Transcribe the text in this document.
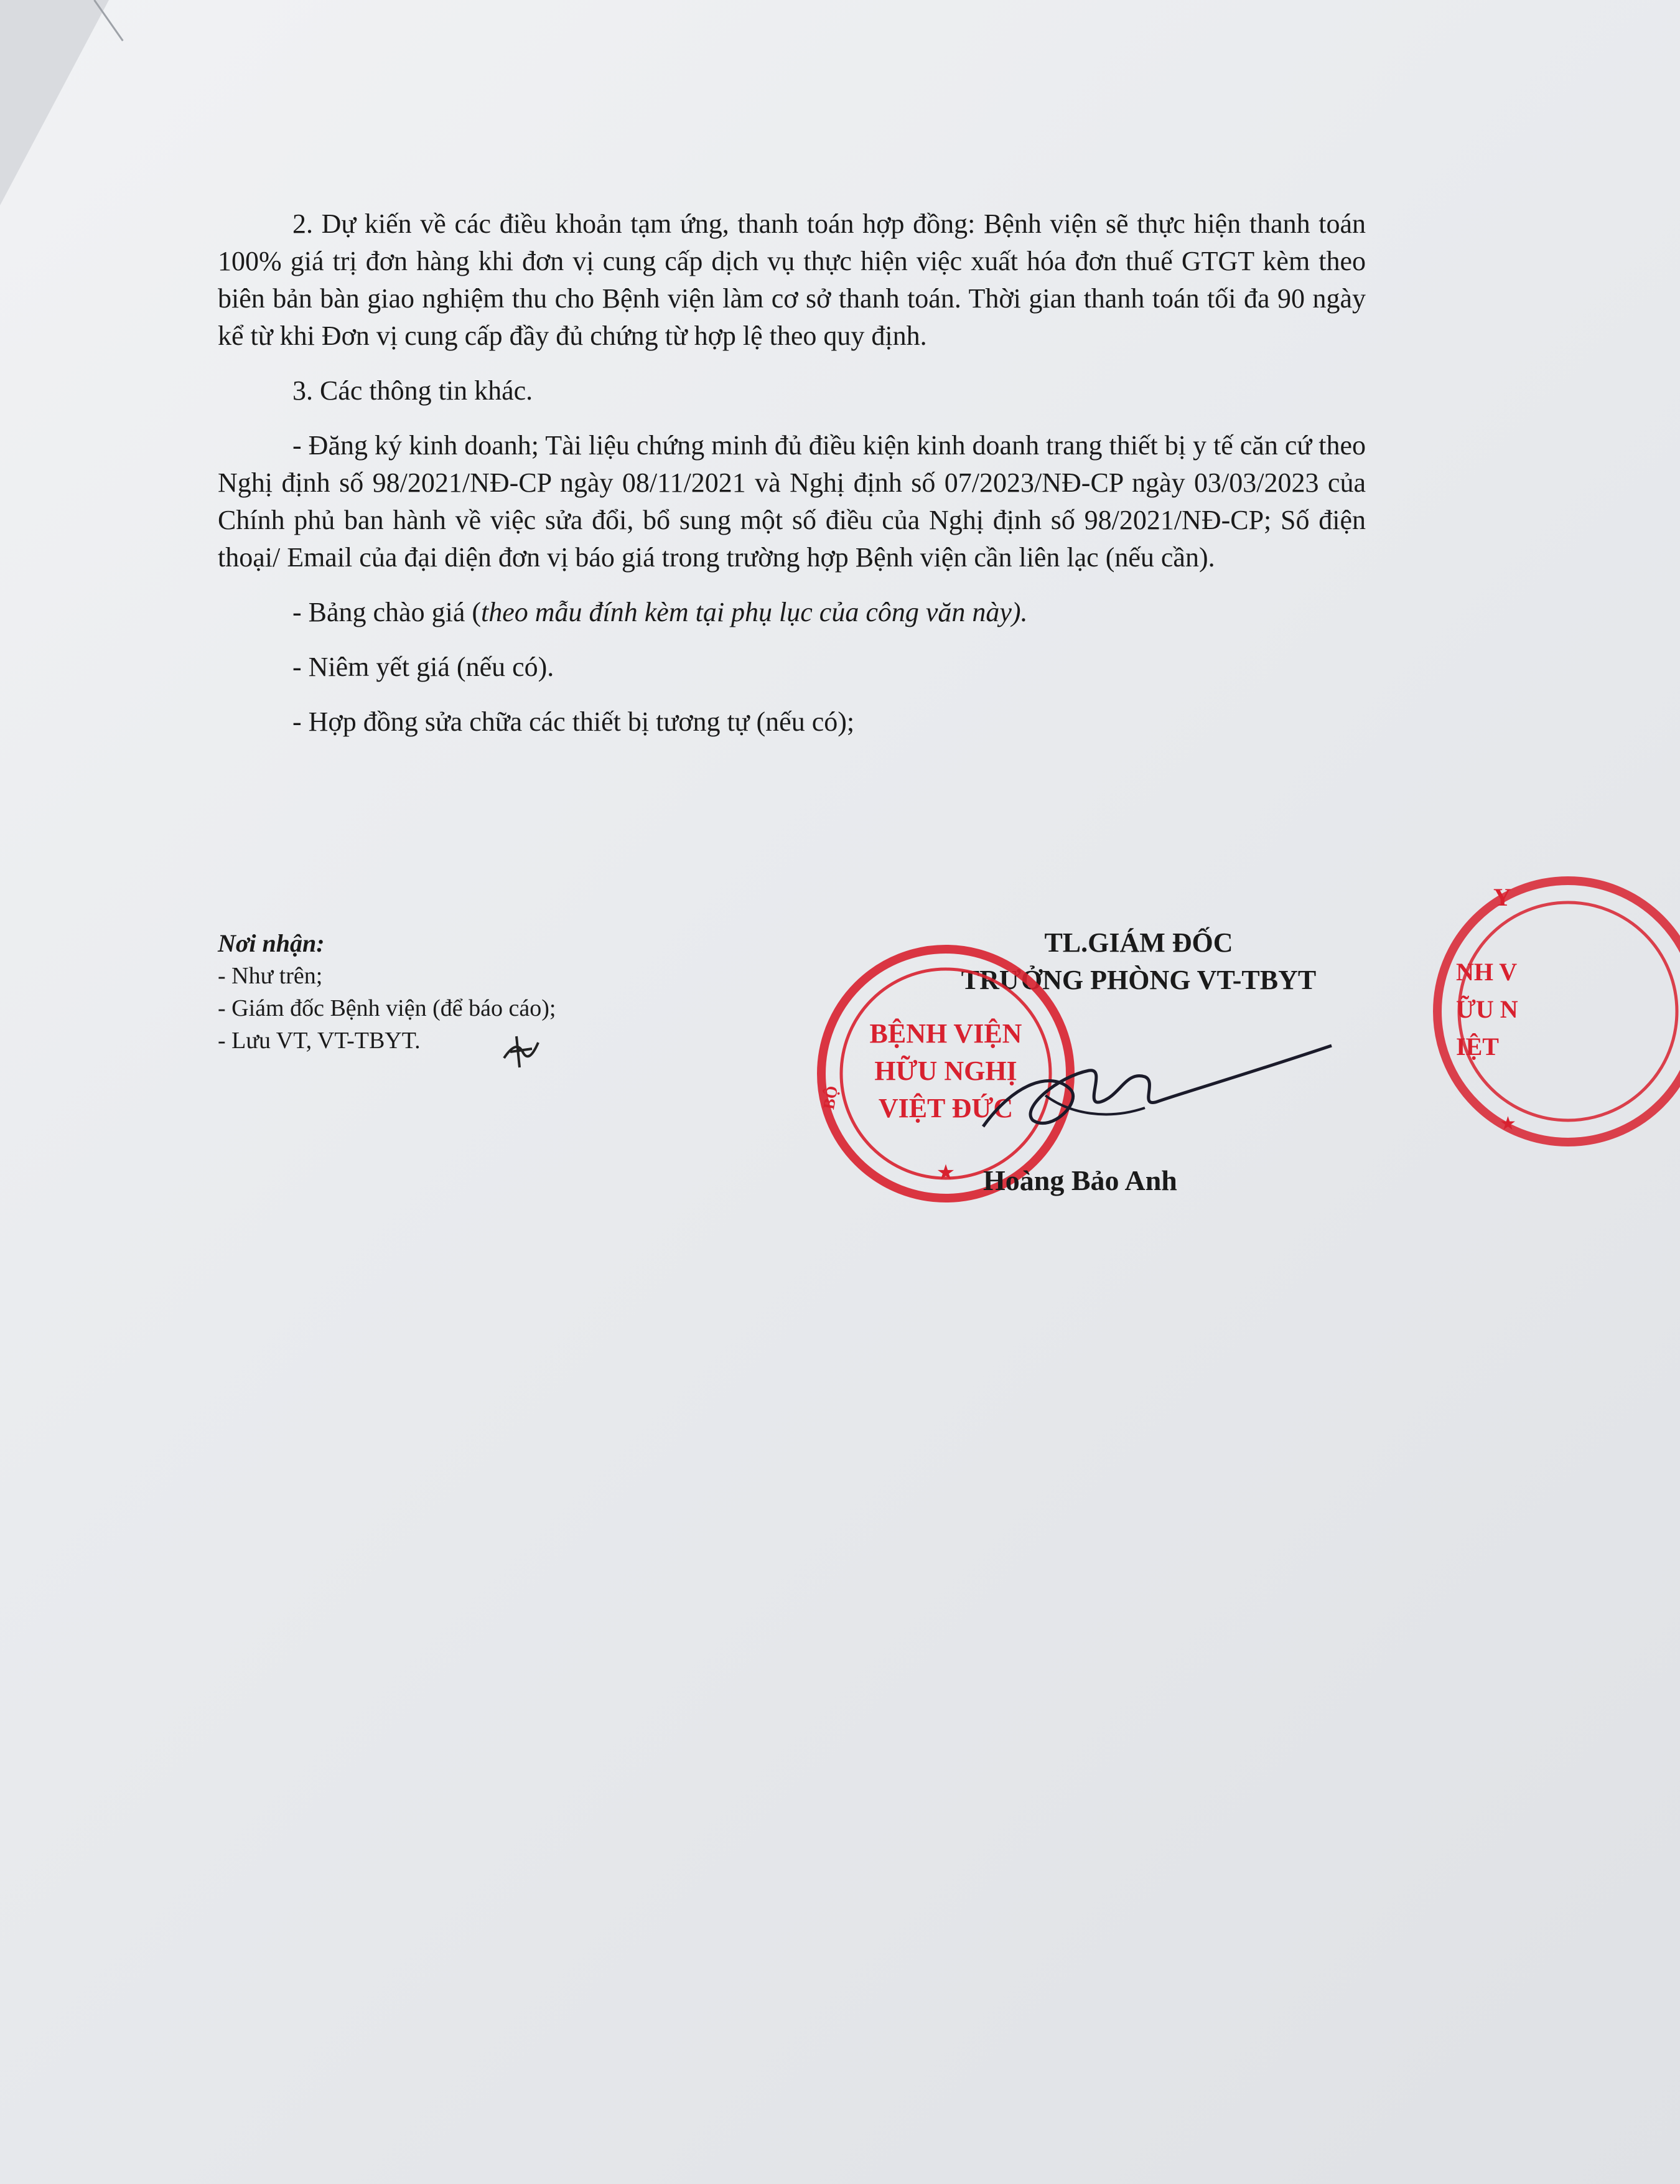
2. Dự kiến về các điều khoản tạm ứng, thanh toán hợp đồng: Bệnh viện sẽ thực hiện thanh toán 100% giá trị đơn hàng khi đơn vị cung cấp dịch vụ thực hiện việc xuất hóa đơn thuế GTGT kèm theo biên bản bàn giao nghiệm thu cho Bệnh viện làm cơ sở thanh toán. Thời gian thanh toán tối đa 90 ngày kể từ khi Đơn vị cung cấp đầy đủ chứng từ hợp lệ theo quy định.

3. Các thông tin khác.

- Đăng ký kinh doanh; Tài liệu chứng minh đủ điều kiện kinh doanh trang thiết bị y tế căn cứ theo Nghị định số 98/2021/NĐ-CP ngày 08/11/2021 và Nghị định số 07/2023/NĐ-CP ngày 03/03/2023 của Chính phủ ban hành về việc sửa đổi, bổ sung một số điều của Nghị định số 98/2021/NĐ-CP; Số điện thoại/ Email của đại diện đơn vị báo giá trong trường hợp Bệnh viện cần liên lạc (nếu cần).

- Bảng chào giá (theo mẫu đính kèm tại phụ lục của công văn này).

- Niêm yết giá (nếu có).

- Hợp đồng sửa chữa các thiết bị tương tự (nếu có);

Nơi nhận:
- Như trên;
- Giám đốc Bệnh viện (để báo cáo);
- Lưu VT, VT-TBYT.
TL.GIÁM ĐỐC
TRƯỞNG PHÒNG VT-TBYT
BỆNH VIỆN
HỮU NGHỊ
VIỆT ĐỨC
BỘ
★ Hoàng Bảo Anh
Y
NH V
ỮU N
IỆT
★
